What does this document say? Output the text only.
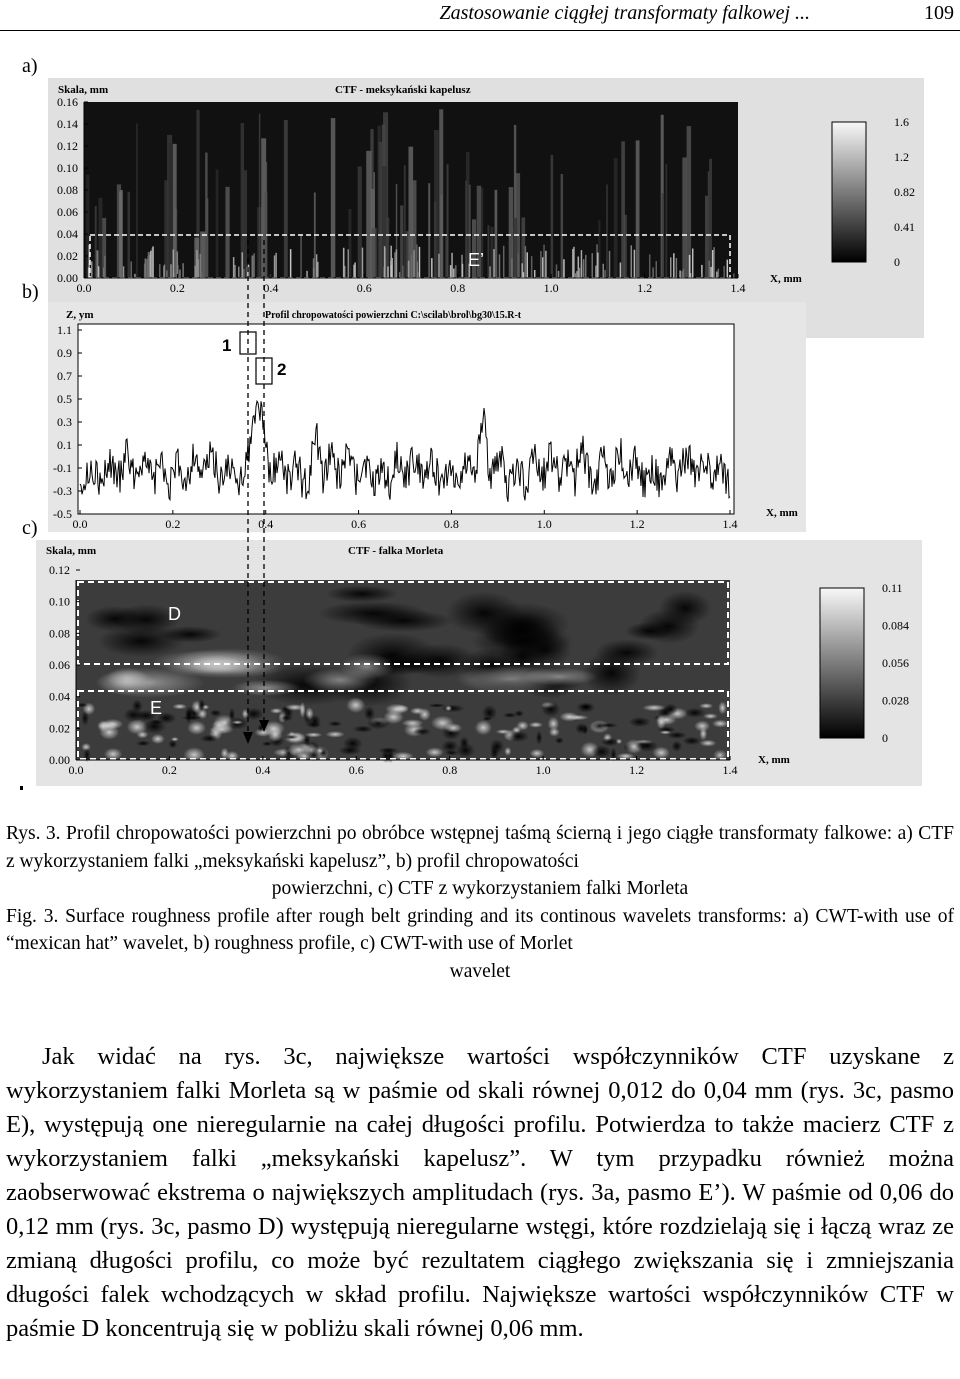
Zastosowanie ciągłej transformaty falkowej ...	109
a)
Skala, mm	CTF - meksykański kapelusz
E’
0.16
0.14
0.12
0.10
0.08
0.06
0.04
0.02
0.00
0.0	0.2	0.4	0.6	0.8	1.0	1.2	1.4
X, mm
1.6
1.2
0.82
0.41
0
b)
Z, ym	Profil chropowatości powierzchni C:\scilab\brol\bg30\15.R-t
1.1
0.9
0.7
0.5
0.3
0.1
-0.1
-0.3
-0.5
0.0	0.2	0.4	0.6	0.8	1.0	1.2	1.4
X, mm
1
2
c)
Skala, mm	CTF - falka Morleta
D
E
0.12
0.10
0.08
0.06
0.04
0.02
0.00
0.0	0.2	0.4	0.6	0.8	1.0	1.2	1.4
X, mm
0.11
0.084
0.056
0.028
0
Rys. 3. Profil chropowatości powierzchni po obróbce wstępnej taśmą ścierną i jego ciągłe transformaty falkowe: a) CTF z wykorzystaniem falki „meksykański kapelusz”, b) profil chropowatości
powierzchni, c) CTF z wykorzystaniem falki Morleta
Fig. 3. Surface roughness profile after rough belt grinding and its continous wavelets transforms: a) CWT-with use of “mexican hat” wavelet, b) roughness profile, c) CWT-with use of Morlet
wavelet

Jak widać na rys. 3c, największe wartości współczynników CTF uzyskane z wykorzystaniem falki Morleta są w paśmie od skali równej 0,012 do 0,04 mm (rys. 3c, pasmo E), występują one nieregularnie na całej długości profilu. Potwierdza to także macierz CTF z wykorzystaniem falki „meksykański kapelusz”. W tym przypadku również można zaobserwować ekstrema o największych amplitudach (rys. 3a, pasmo E’). W paśmie od 0,06 do 0,12 mm (rys. 3c, pasmo D) występują nieregularne wstęgi, które rozdzielają się i łączą wraz ze zmianą długości profilu, co może być rezultatem ciągłego zwiększania się i zmniejszania długości falek wchodzących w skład profilu. Największe wartości współczynników CTF w paśmie D koncentrują się w pobliżu skali równej 0,06 mm.
